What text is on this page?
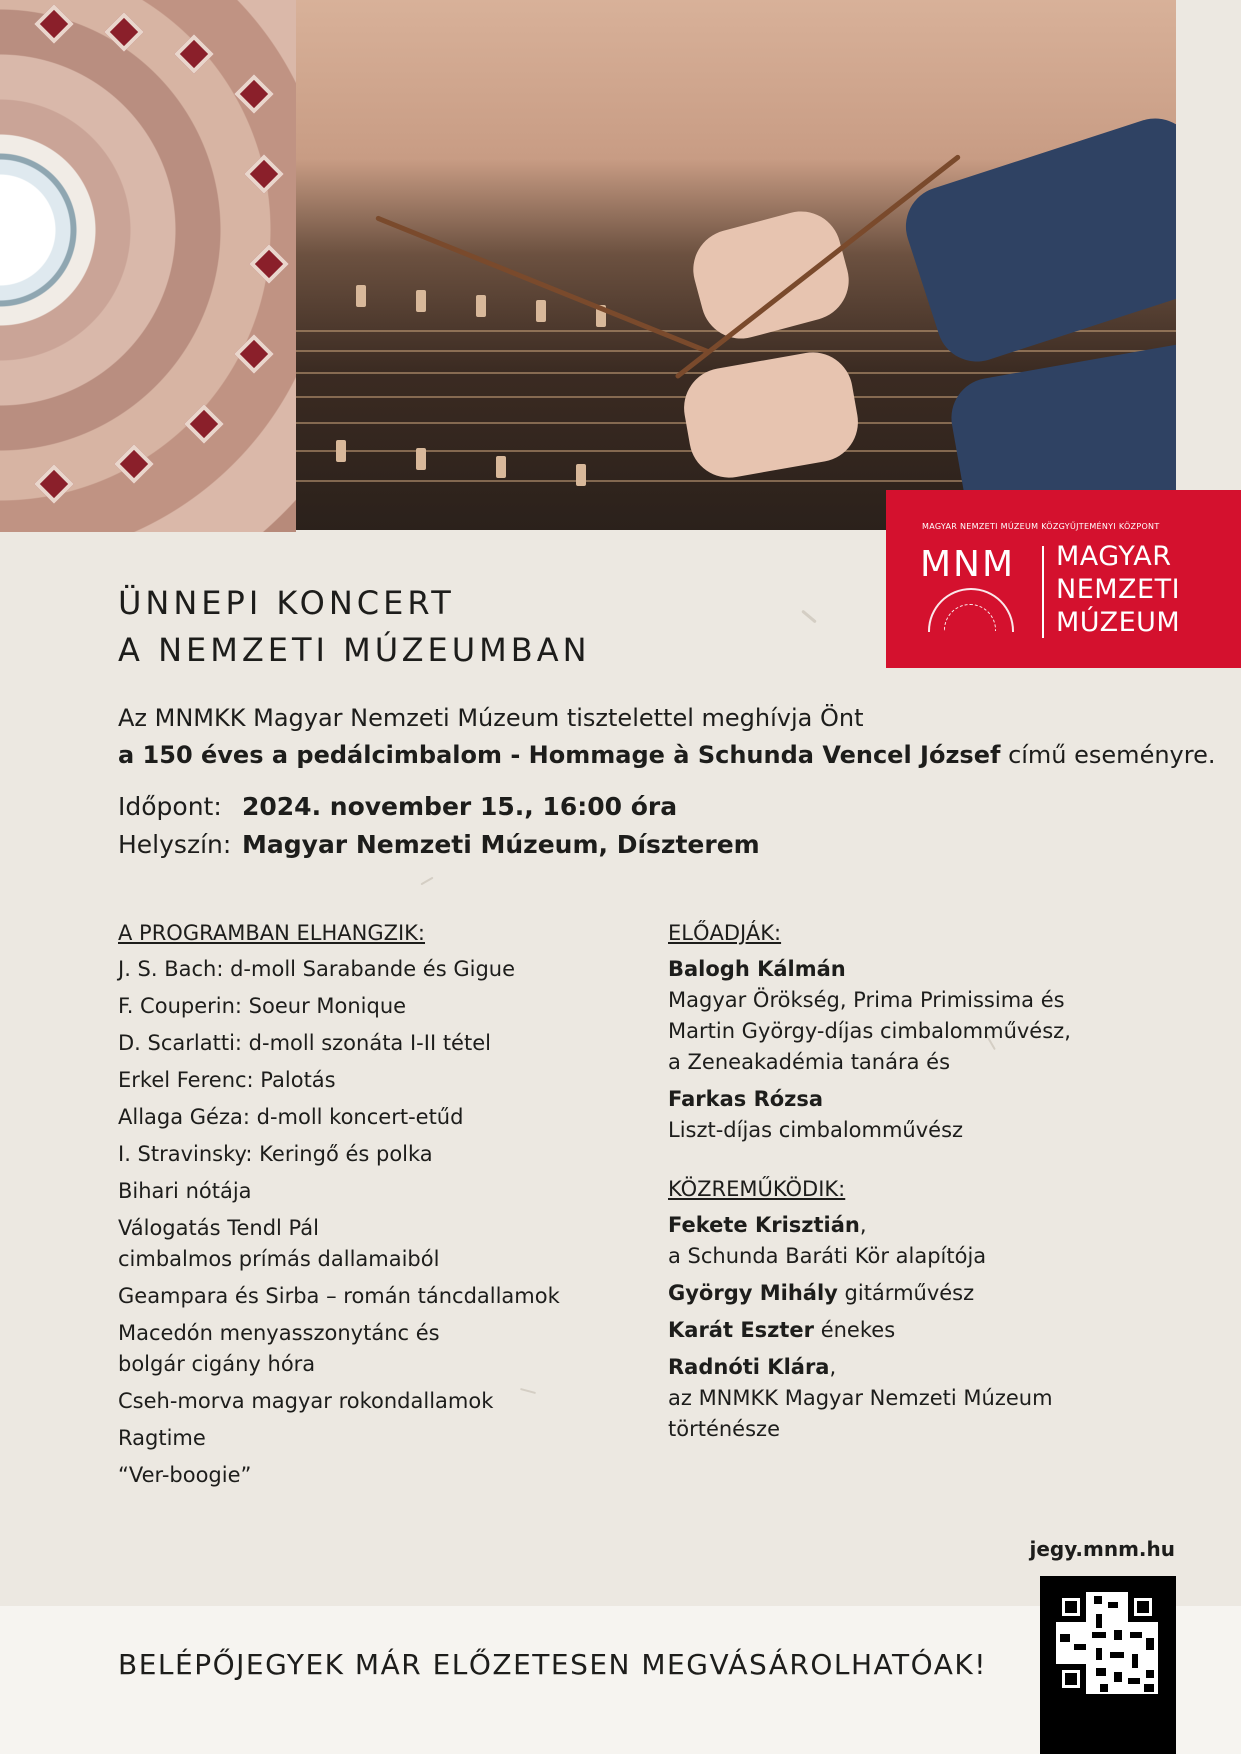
MAGYAR NEMZETI MÚZEUM KÖZGYŰJTEMÉNYI KÖZPONT
MNM MAGYAR
NEMZETI
MÚZEUM
ÜNNEPI KONCERT
A NEMZETI MÚZEUMBAN
Az MNMKK Magyar Nemzeti Múzeum tisztelettel meghívja Önt
a 150 éves a pedálcimbalom - Hommage à Schunda Vencel József című eseményre.
Időpont: 2024. november 15., 16:00 óra
Helyszín: Magyar Nemzeti Múzeum, Díszterem
A PROGRAMBAN ELHANGZIK:
J. S. Bach: d-moll Sarabande és Gigue
F. Couperin: Soeur Monique
D. Scarlatti: d-moll szonáta I-II tétel
Erkel Ferenc: Palotás
Allaga Géza: d-moll koncert-etűd
I. Stravinsky: Keringő és polka
Bihari nótája
Válogatás Tendl Pál
cimbalmos prímás dallamaiból
Geampara és Sirba – román táncdallamok
Macedón menyasszonytánc és
bolgár cigány hóra
Cseh-morva magyar rokondallamok
Ragtime
“Ver-boogie”
ELŐADJÁK:
Balogh Kálmán
Magyar Örökség, Prima Primissima és
Martin György-díjas cimbalomművész,
a Zeneakadémia tanára és
Farkas Rózsa
Liszt-díjas cimbalomművész
KÖZREMŰKÖDIK:
Fekete Krisztián,
a Schunda Baráti Kör alapítója
György Mihály gitárművész
Karát Eszter énekes
Radnóti Klára,
az MNMKK Magyar Nemzeti Múzeum
történésze
jegy.mnm.hu
BELÉPŐJEGYEK MÁR ELŐZETESEN MEGVÁSÁROLHATÓAK!
